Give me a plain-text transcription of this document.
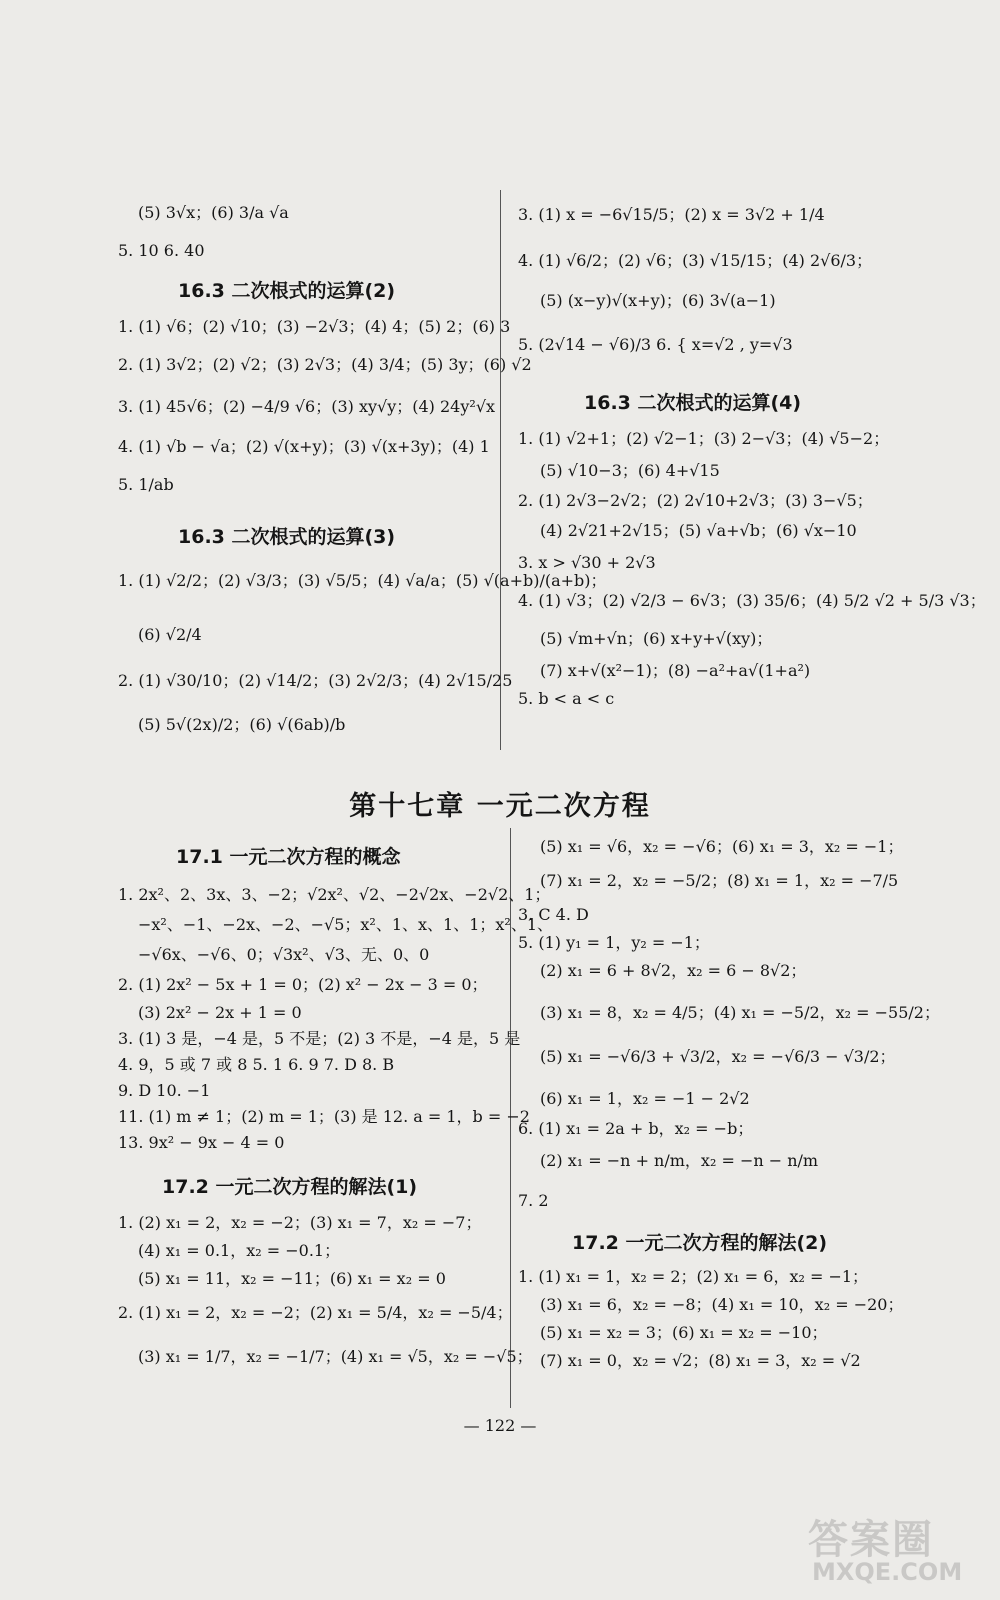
(5) 3√x；(6) 3/a √a
5. 10 6. 40
16.3 二次根式的运算(2)
1. (1) √6；(2) √10；(3) −2√3；(4) 4；(5) 2；(6) 3
2. (1) 3√2；(2) √2；(3) 2√3；(4) 3/4；(5) 3y；(6) √2
3. (1) 45√6；(2) −4/9 √6；(3) xy√y；(4) 24y²√x
4. (1) √b − √a；(2) √(x+y)；(3) √(x+3y)；(4) 1
5. 1/ab
16.3 二次根式的运算(3)
1. (1) √2/2；(2) √3/3；(3) √5/5；(4) √a/a；(5) √(a+b)/(a+b)；
(6) √2/4
2. (1) √30/10；(2) √14/2；(3) 2√2/3；(4) 2√15/25
(5) 5√(2x)/2；(6) √(6ab)/b
3. (1) x = −6√15/5；(2) x = 3√2 + 1/4
4. (1) √6/2；(2) √6；(3) √15/15；(4) 2√6/3；
(5) (x−y)√(x+y)；(6) 3√(a−1)
5. (2√14 − √6)/3 6. { x=√2 , y=√3
16.3 二次根式的运算(4)
1. (1) √2+1；(2) √2−1；(3) 2−√3；(4) √5−2；
(5) √10−3；(6) 4+√15
2. (1) 2√3−2√2；(2) 2√10+2√3；(3) 3−√5；
(4) 2√21+2√15；(5) √a+√b；(6) √x−10
3. x > √30 + 2√3
4. (1) √3；(2) √2/3 − 6√3；(3) 35/6；(4) 5/2 √2 + 5/3 √3；
(5) √m+√n；(6) x+y+√(xy)；
(7) x+√(x²−1)；(8) −a²+a√(1+a²)
5. b < a < c
第十七章 一元二次方程
17.1 一元二次方程的概念
1. 2x²、2、3x、3、−2；√2x²、√2、−2√2x、−2√2、1；
−x²、−1、−2x、−2、−√5；x²、1、x、1、1；x²、1、
−√6x、−√6、0；√3x²、√3、无、0、0
2. (1) 2x² − 5x + 1 = 0；(2) x² − 2x − 3 = 0；
(3) 2x² − 2x + 1 = 0
3. (1) 3 是，−4 是，5 不是；(2) 3 不是，−4 是，5 是
4. 9，5 或 7 或 8 5. 1 6. 9 7. D 8. B
9. D 10. −1
11. (1) m ≠ 1；(2) m = 1；(3) 是 12. a = 1，b = −2
13. 9x² − 9x − 4 = 0
17.2 一元二次方程的解法(1)
1. (2) x₁ = 2，x₂ = −2；(3) x₁ = 7，x₂ = −7；
(4) x₁ = 0.1，x₂ = −0.1；
(5) x₁ = 11，x₂ = −11；(6) x₁ = x₂ = 0
2. (1) x₁ = 2，x₂ = −2；(2) x₁ = 5/4，x₂ = −5/4；
(3) x₁ = 1/7，x₂ = −1/7；(4) x₁ = √5，x₂ = −√5；
(5) x₁ = √6，x₂ = −√6；(6) x₁ = 3，x₂ = −1；
(7) x₁ = 2，x₂ = −5/2；(8) x₁ = 1，x₂ = −7/5
3. C 4. D
5. (1) y₁ = 1，y₂ = −1；
(2) x₁ = 6 + 8√2，x₂ = 6 − 8√2；
(3) x₁ = 8，x₂ = 4/5；(4) x₁ = −5/2，x₂ = −55/2；
(5) x₁ = −√6/3 + √3/2，x₂ = −√6/3 − √3/2；
(6) x₁ = 1，x₂ = −1 − 2√2
6. (1) x₁ = 2a + b，x₂ = −b；
(2) x₁ = −n + n/m，x₂ = −n − n/m
7. 2
17.2 一元二次方程的解法(2)
1. (1) x₁ = 1，x₂ = 2；(2) x₁ = 6，x₂ = −1；
(3) x₁ = 6，x₂ = −8；(4) x₁ = 10，x₂ = −20；
(5) x₁ = x₂ = 3；(6) x₁ = x₂ = −10；
(7) x₁ = 0，x₂ = √2；(8) x₁ = 3，x₂ = √2
— 122 —
答案圈
MXQE.COM
